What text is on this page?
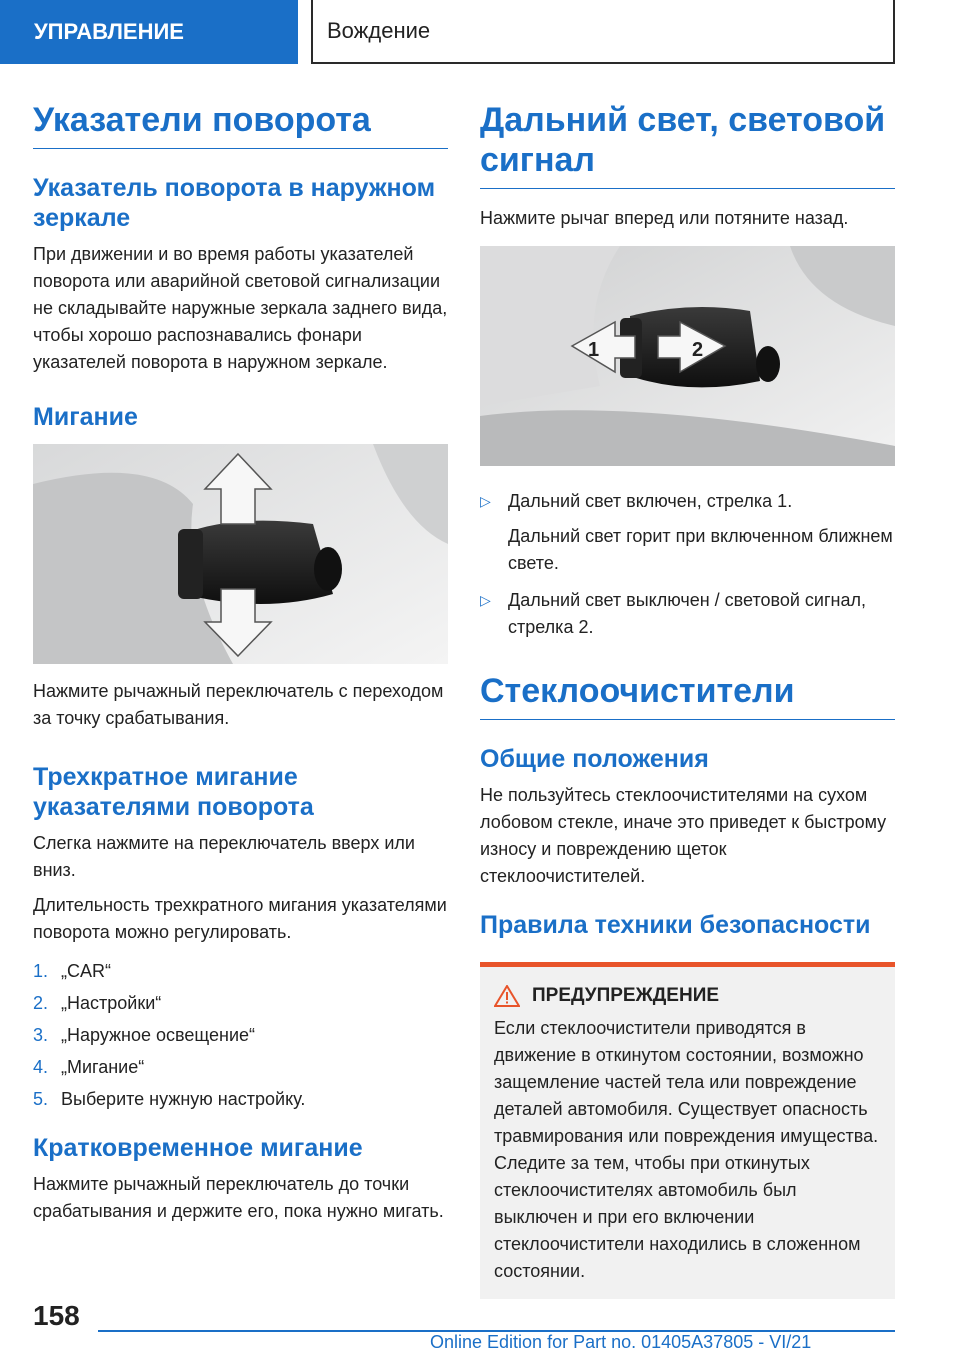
УПРАВЛЕНИЕ	Вождение
Указатели поворота
Указатель поворота в наружном зеркале

При движении и во время работы указателей поворота или аварийной световой сигнализации не складывайте наружные зеркала заднего вида, чтобы хорошо распознавались фонари указателей поворота в наружном зеркале.

Мигание

Нажмите рычажный переключатель с переходом за точку срабатывания.

Трехкратное мигание указателями поворота

Слегка нажмите на переключатель вверх или вниз.

Длительность трехкратного мигания указателями поворота можно регулировать.

1. „CAR“
2. „Настройки“
3. „Наружное освещение“
4. „Мигание“
5. Выберите нужную настройку.
Кратковременное мигание

Нажмите рычажный переключатель до точки срабатывания и держите его, пока нужно мигать.

Дальний свет, световой сигнал

Нажмите рычаг вперед или потяните назад.

1	2
▷ Дальний свет включен, стрелка 1.

Дальний свет горит при включенном ближнем свете.

▷ Дальний свет выключен / световой сигнал, стрелка 2.
Стеклоочистители
Общие положения

Не пользуйтесь стеклоочистителями на сухом лобовом стекле, иначе это приведет к быстрому износу и повреждению щеток стеклоочистителей.

Правила техники безопасности
ПРЕДУПРЕЖДЕНИЕ

Если стеклоочистители приводятся в движение в откинутом состоянии, возможно защемление частей тела или повреждение деталей автомобиля. Существует опасность травмирования или повреждения имущества. Следите за тем, чтобы при откинутых стеклоочистителях автомобиль был выключен и при его включении стеклоочистители находились в сложенном состоянии.

158
Online Edition for Part no. 01405A37805 - VI/21
